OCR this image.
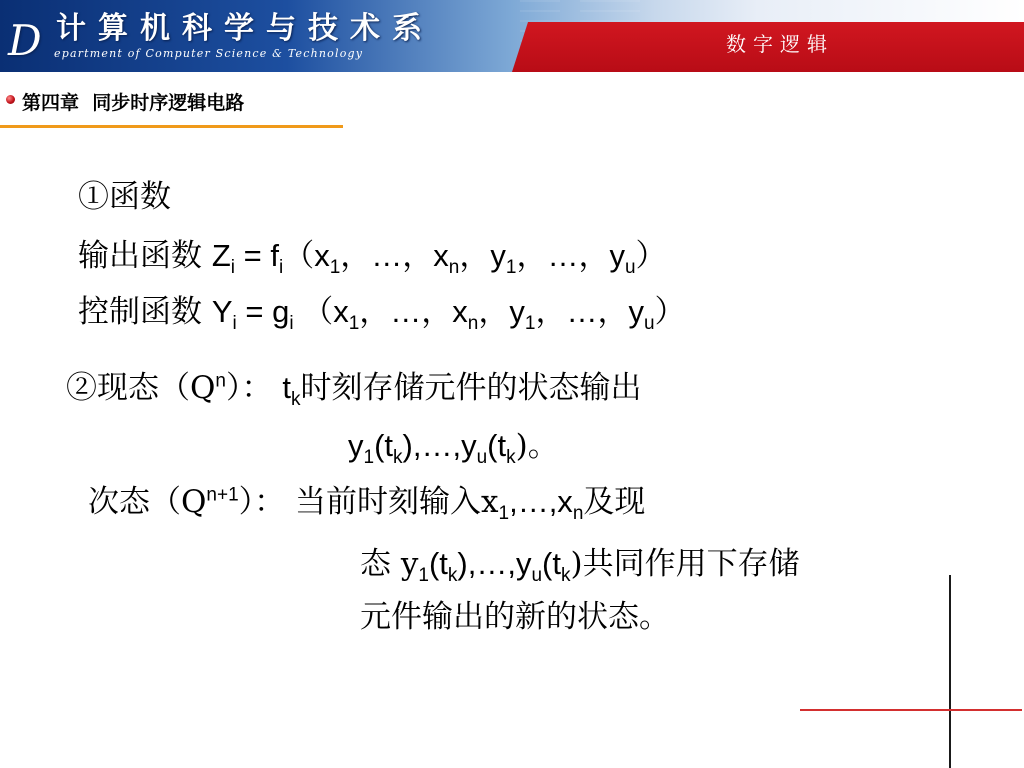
D 计算机科学与技术系
epartment of Computer Science & Technology	数字逻辑
第四章  同步时序逻辑电路
①函数
输出函数 $Z_i = f_i(x_1$，…，$x_n$，$y_1$，…，$y_u$）
控制函数 $Y_i = g_i$ （$x_1$，…，$x_n$，$y_1$，…，$y_u$）
②现态$(Q^n)$： $t_k$时刻存储元件的状态输出
$y_1(t_k),\dots,y_u(t_k)$。
次态$(Q^{n+1})$： 当前时刻输入$x_1,\dots,x_n$及现
态 $y_1(t_k),\dots,y_u(t_k)$共同作用下存储
元件输出的新的状态。
